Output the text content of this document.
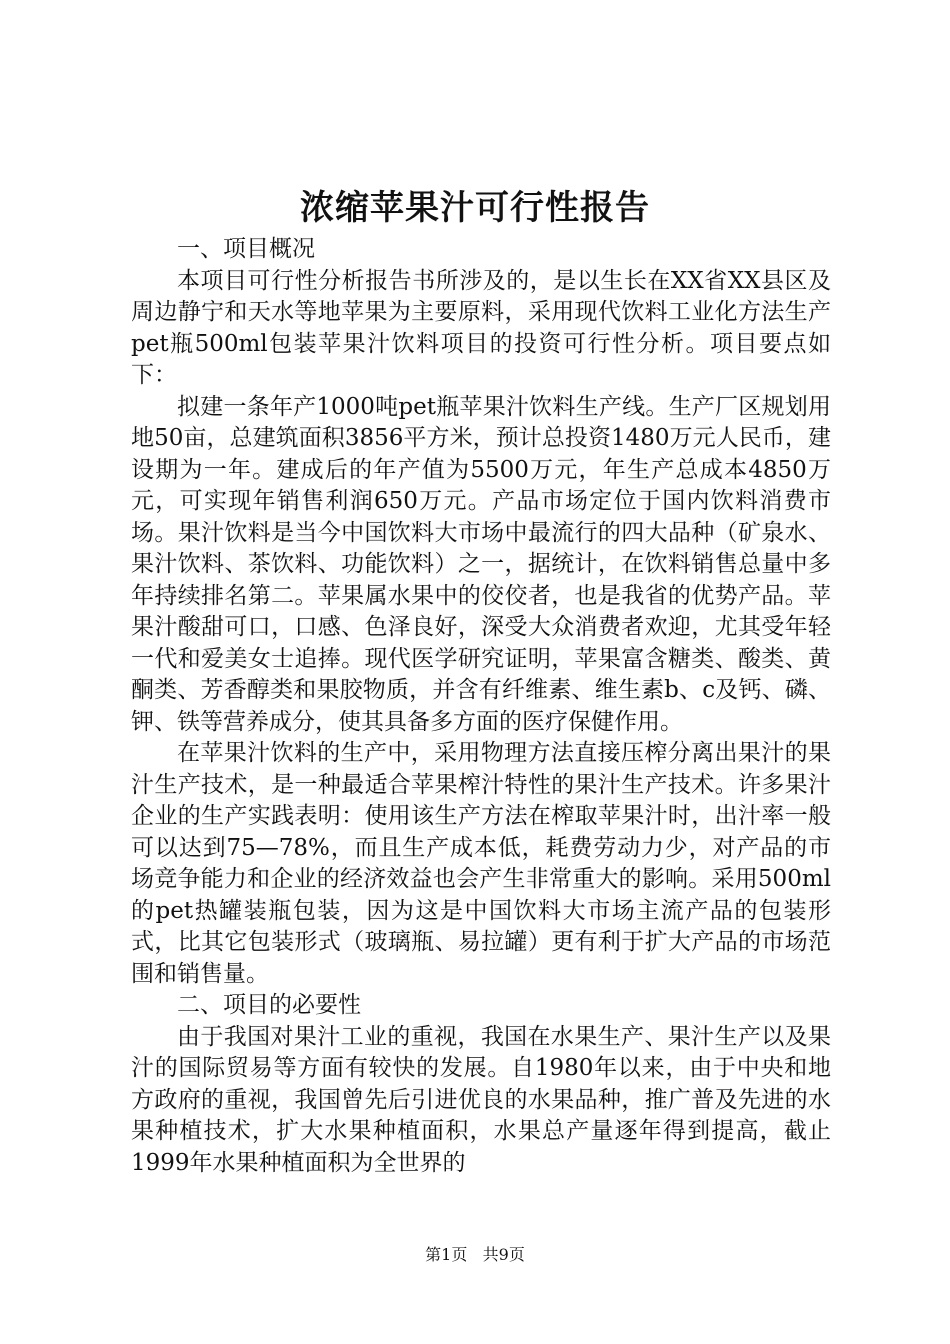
浓缩苹果汁可行性报告

一、项目概况

本项目可行性分析报告书所涉及的，是以生长在XX省XX县区及周边静宁和天水等地苹果为主要原料，采用现代饮料工业化方法生产pet瓶500ml包装苹果汁饮料项目的投资可行性分析。项目要点如下：

拟建一条年产1000吨pet瓶苹果汁饮料生产线。生产厂区规划用地50亩，总建筑面积3856平方米，预计总投资1480万元人民币，建设期为一年。建成后的年产值为5500万元，年生产总成本4850万元，可实现年销售利润650万元。产品市场定位于国内饮料消费市场。果汁饮料是当今中国饮料大市场中最流行的四大品种（矿泉水、果汁饮料、茶饮料、功能饮料）之一，据统计，在饮料销售总量中多年持续排名第二。苹果属水果中的佼佼者，也是我省的优势产品。苹果汁酸甜可口，口感、色泽良好，深受大众消费者欢迎，尤其受年轻一代和爱美女士追捧。现代医学研究证明，苹果富含糖类、酸类、黄酮类、芳香醇类和果胶物质，并含有纤维素、维生素b、c及钙、磷、钾、铁等营养成分，使其具备多方面的医疗保健作用。

在苹果汁饮料的生产中，采用物理方法直接压榨分离出果汁的果汁生产技术，是一种最适合苹果榨汁特性的果汁生产技术。许多果汁企业的生产实践表明：使用该生产方法在榨取苹果汁时，出汁率一般可以达到75—78%，而且生产成本低，耗费劳动力少，对产品的市场竞争能力和企业的经济效益也会产生非常重大的影响。采用500ml的pet热罐装瓶包装，因为这是中国饮料大市场主流产品的包装形式，比其它包装形式（玻璃瓶、易拉罐）更有利于扩大产品的市场范围和销售量。

二、项目的必要性

由于我国对果汁工业的重视，我国在水果生产、果汁生产以及果汁的国际贸易等方面有较快的发展。自1980年以来，由于中央和地方政府的重视，我国曾先后引进优良的水果品种，推广普及先进的水果种植技术，扩大水果种植面积，水果总产量逐年得到提高，截止1999年水果种植面积为全世界的

第1页 共9页
